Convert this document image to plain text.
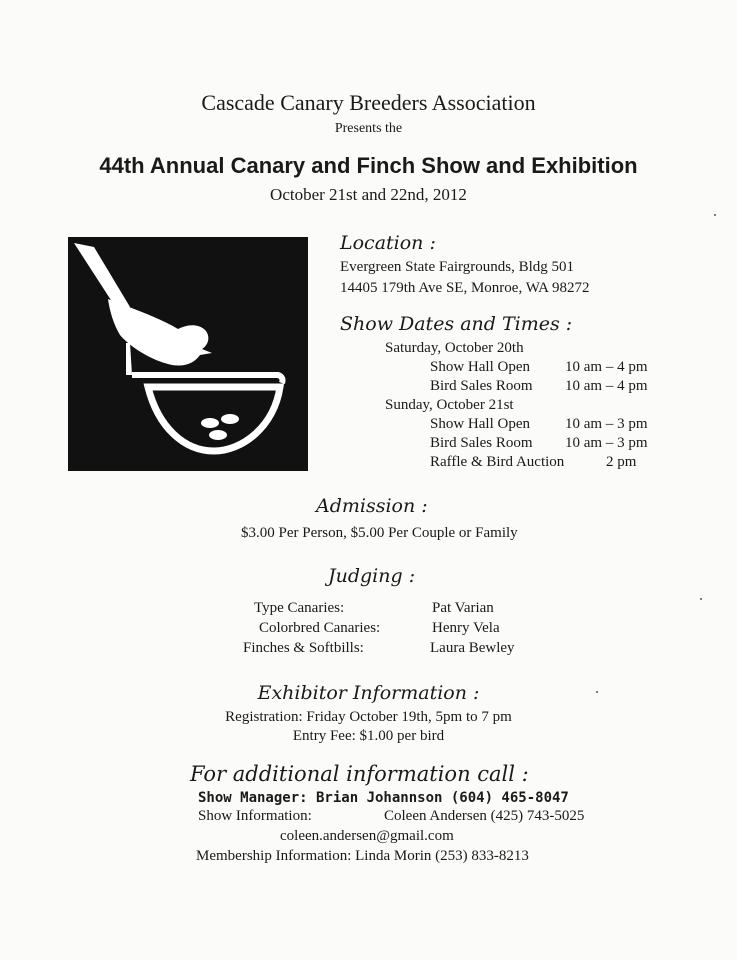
Cascade Canary Breeders Association
Presents the
44th Annual Canary and Finch Show and Exhibition
October 21st and 22nd, 2012
Location :
Evergreen State Fairgrounds, Bldg 501
14405 179th Ave SE, Monroe, WA 98272
Show Dates and Times :
Saturday, October 20th
Show Hall Open 10 am – 4 pm
Bird Sales Room 10 am – 4 pm
Sunday, October 21st
Show Hall Open 10 am – 3 pm
Bird Sales Room 10 am – 3 pm
Raffle & Bird Auction	2 pm
Admission :
$3.00 Per Person, $5.00 Per Couple or Family
Judging :
Type Canaries:	Pat Varian
Colorbred Canaries:	Henry Vela
Finches & Softbills:	Laura Bewley
Exhibitor Information :
Registration: Friday October 19th, 5pm to 7 pm
Entry Fee: $1.00 per bird
For additional information call :
Show Manager: Brian Johannson (604) 465-8047
Show Information:	Coleen Andersen (425) 743-5025
coleen.andersen@gmail.com
Membership Information: Linda Morin (253) 833-8213
